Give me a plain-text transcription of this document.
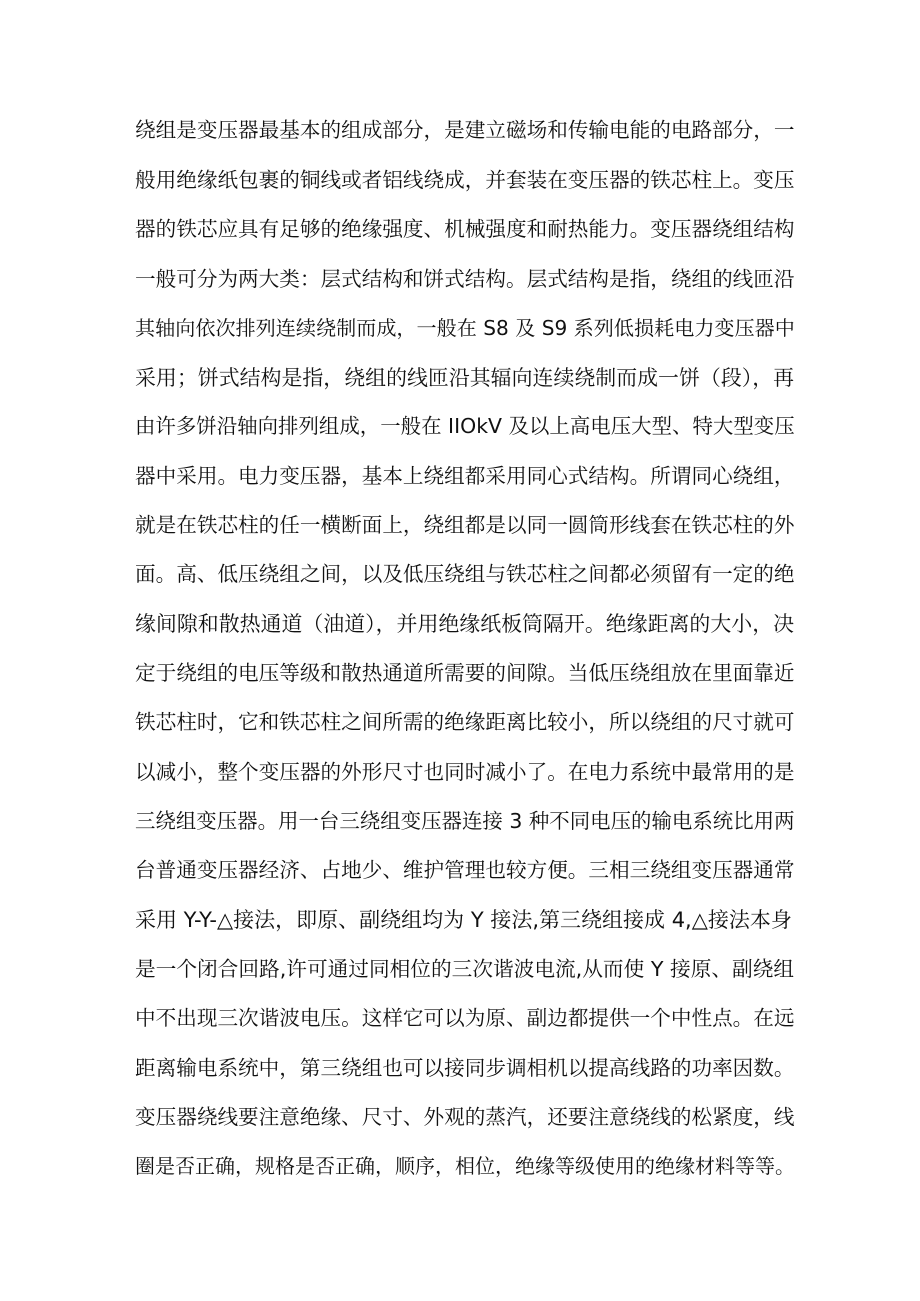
绕组是变压器最基本的组成部分，是建立磁场和传输电能的电路部分，一
般用绝缘纸包裹的铜线或者铝线绕成，并套装在变压器的铁芯柱上。变压
器的铁芯应具有足够的绝缘强度、机械强度和耐热能力。变压器绕组结构
一般可分为两大类：层式结构和饼式结构。层式结构是指，绕组的线匝沿
其轴向依次排列连续绕制而成，一般在 S8 及 S9 系列低损耗电力变压器中
采用；饼式结构是指，绕组的线匝沿其辐向连续绕制而成一饼（段），再
由许多饼沿轴向排列组成，一般在 IIOkV 及以上高电压大型、特大型变压
器中采用。电力变压器，基本上绕组都采用同心式结构。所谓同心绕组，
就是在铁芯柱的任一横断面上，绕组都是以同一圆筒形线套在铁芯柱的外
面。高、低压绕组之间，以及低压绕组与铁芯柱之间都必须留有一定的绝
缘间隙和散热通道（油道），并用绝缘纸板筒隔开。绝缘距离的大小，决
定于绕组的电压等级和散热通道所需要的间隙。当低压绕组放在里面靠近
铁芯柱时，它和铁芯柱之间所需的绝缘距离比较小，所以绕组的尺寸就可
以减小，整个变压器的外形尺寸也同时减小了。在电力系统中最常用的是
三绕组变压器。用一台三绕组变压器连接 3 种不同电压的输电系统比用两
台普通变压器经济、占地少、维护管理也较方便。三相三绕组变压器通常
采用 Y-Y-△接法，即原、副绕组均为 Y 接法,第三绕组接成 4,△接法本身
是一个闭合回路,许可通过同相位的三次谐波电流,从而使 Y 接原、副绕组
中不出现三次谐波电压。这样它可以为原、副边都提供一个中性点。在远
距离输电系统中，第三绕组也可以接同步调相机以提高线路的功率因数。
变压器绕线要注意绝缘、尺寸、外观的蒸汽，还要注意绕线的松紧度，线
圈是否正确，规格是否正确，顺序，相位，绝缘等级使用的绝缘材料等等。
